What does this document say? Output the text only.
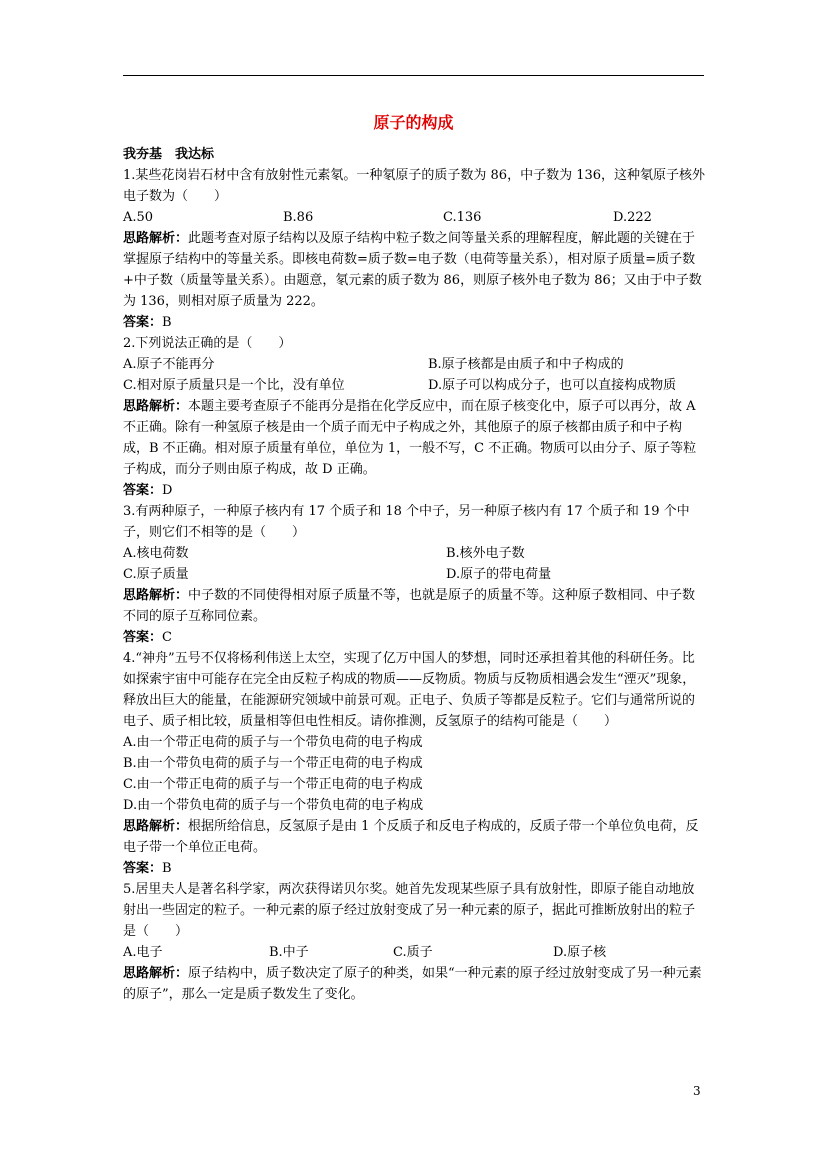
原子的构成

我夯基　我达标

1.某些花岗岩石材中含有放射性元素氡。一种氡原子的质子数为 86，中子数为 136，这种氡原子核外电子数为（　　）

A.50	B.86	C.136	D.222

思路解析：此题考查对原子结构以及原子结构中粒子数之间等量关系的理解程度，解此题的关键在于掌握原子结构中的等量关系。即核电荷数=质子数=电子数（电荷等量关系），相对原子质量=质子数+中子数（质量等量关系）。由题意，氡元素的质子数为 86，则原子核外电子数为 86；又由于中子数为 136，则相对原子质量为 222。

答案：B

2.下列说法正确的是（　　）

A.原子不能再分	B.原子核都是由质子和中子构成的
C.相对原子质量只是一个比，没有单位	D.原子可以构成分子，也可以直接构成物质

思路解析：本题主要考查原子不能再分是指在化学反应中，而在原子核变化中，原子可以再分，故 A 不正确。除有一种氢原子核是由一个质子而无中子构成之外，其他原子的原子核都由质子和中子构成，B 不正确。相对原子质量有单位，单位为 1，一般不写，C 不正确。物质可以由分子、原子等粒子构成，而分子则由原子构成，故 D 正确。

答案：D

3.有两种原子，一种原子核内有 17 个质子和 18 个中子，另一种原子核内有 17 个质子和 19 个中子，则它们不相等的是（　　）

A.核电荷数	B.核外电子数
C.原子质量	D.原子的带电荷量

思路解析：中子数的不同使得相对原子质量不等，也就是原子的质量不等。这种原子数相同、中子数不同的原子互称同位素。

答案：C

4.“神舟”五号不仅将杨利伟送上太空，实现了亿万中国人的梦想，同时还承担着其他的科研任务。比如探索宇宙中可能存在完全由反粒子构成的物质——反物质。物质与反物质相遇会发生“湮灭”现象，释放出巨大的能量，在能源研究领域中前景可观。正电子、负质子等都是反粒子。它们与通常所说的电子、质子相比较，质量相等但电性相反。请你推测，反氢原子的结构可能是（　　）

A.由一个带正电荷的质子与一个带负电荷的电子构成

B.由一个带负电荷的质子与一个带正电荷的电子构成

C.由一个带正电荷的质子与一个带正电荷的电子构成

D.由一个带负电荷的质子与一个带负电荷的电子构成

思路解析：根据所给信息，反氢原子是由 1 个反质子和反电子构成的，反质子带一个单位负电荷，反电子带一个单位正电荷。

答案：B

5.居里夫人是著名科学家，两次获得诺贝尔奖。她首先发现某些原子具有放射性，即原子能自动地放射出一些固定的粒子。一种元素的原子经过放射变成了另一种元素的原子，据此可推断放射出的粒子是（　　）

A.电子	B.中子	C.质子	D.原子核

思路解析：原子结构中，质子数决定了原子的种类，如果“一种元素的原子经过放射变成了另一种元素的原子”，那么一定是质子数发生了变化。

3
